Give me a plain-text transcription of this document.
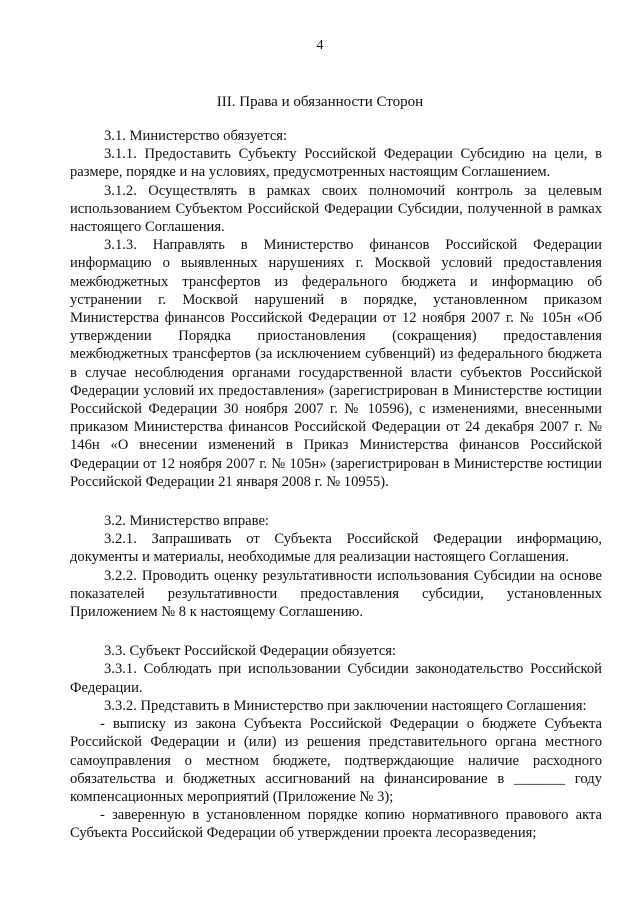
4
III. Права и обязанности Сторон

3.1. Министерство обязуется:

3.1.1. Предоставить Субъекту Российской Федерации Субсидию на цели, в размере, порядке и на условиях, предусмотренных настоящим Соглашением.

3.1.2. Осуществлять в рамках своих полномочий контроль за целевым использованием Субъектом Российской Федерации Субсидии, полученной в рамках настоящего Соглашения.

3.1.3. Направлять в Министерство финансов Российской Федерации информацию о выявленных нарушениях г. Москвой условий предоставления межбюджетных трансфертов из федерального бюджета и информацию об устранении г. Москвой нарушений в порядке, установленном приказом Министерства финансов Российской Федерации от 12 ноября 2007 г. № 105н «Об утверждении Порядка приостановления (сокращения) предоставления межбюджетных трансфертов (за исключением субвенций) из федерального бюджета в случае несоблюдения органами государственной власти субъектов Российской Федерации условий их предоставления» (зарегистрирован в Министерстве юстиции Российской Федерации 30 ноября 2007 г. № 10596), с изменениями, внесенными приказом Министерства финансов Российской Федерации от 24 декабря 2007 г. № 146н «О внесении изменений в Приказ Министерства финансов Российской Федерации от 12 ноября 2007 г. № 105н» (зарегистрирован в Министерстве юстиции Российской Федерации 21 января 2008 г. № 10955).

3.2. Министерство вправе:

3.2.1. Запрашивать от Субъекта Российской Федерации информацию, документы и материалы, необходимые для реализации настоящего Соглашения.

3.2.2. Проводить оценку результативности использования Субсидии на основе показателей результативности предоставления субсидии, установленных Приложением № 8 к настоящему Соглашению.

3.3. Субъект Российской Федерации обязуется:

3.3.1. Соблюдать при использовании Субсидии законодательство Российской Федерации.

3.3.2. Представить в Министерство при заключении настоящего Соглашения:

- выписку из закона Субъекта Российской Федерации о бюджете Субъекта Российской Федерации и (или) из решения представительного органа местного самоуправления о местном бюджете, подтверждающие наличие расходного обязательства и бюджетных ассигнований на финансирование в _______ году компенсационных мероприятий (Приложение № 3);

- заверенную в установленном порядке копию нормативного правового акта Субъекта Российской Федерации об утверждении проекта лесоразведения;
